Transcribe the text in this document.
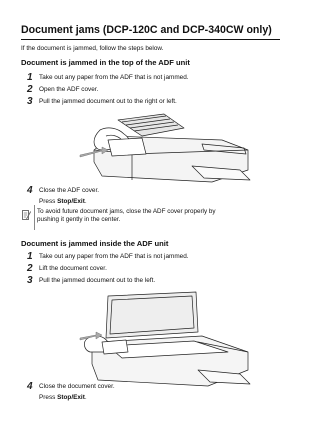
Document jams (DCP-120C and DCP-340CW only)
If the document is jammed, follow the steps below.
Document is jammed in the top of the ADF unit
1 Take out any paper from the ADF that is not jammed.
2 Open the ADF cover.
3 Pull the jammed document out to the right or left.
4 Close the ADF cover.
Press Stop/Exit.
To avoid future document jams, close the ADF cover properly by
pushing it gently in the center.
Document is jammed inside the ADF unit
1 Take out any paper from the ADF that is not jammed.
2 Lift the document cover.
3 Pull the jammed document out to the left.
4 Close the document cover.
Press Stop/Exit.
